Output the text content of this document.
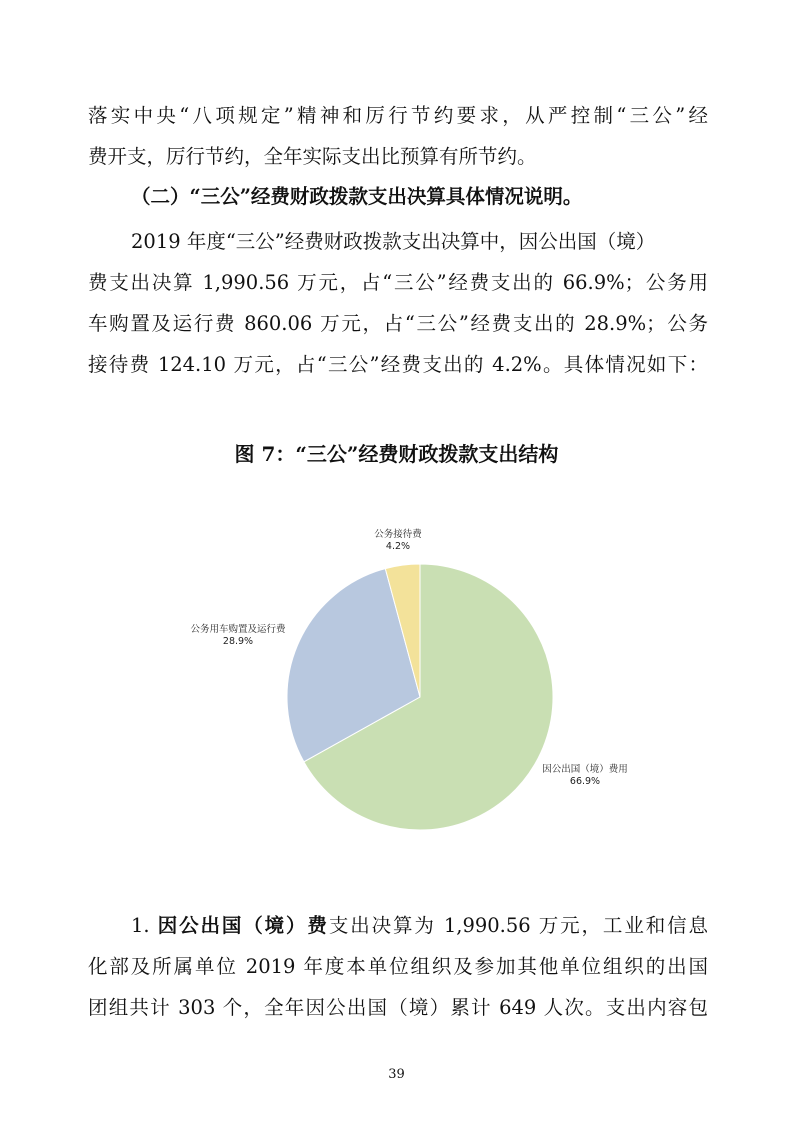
落实中央“八项规定”精神和厉行节约要求，从严控制“三公”经
费开支，厉行节约，全年实际支出比预算有所节约。
（二）“三公”经费财政拨款支出决算具体情况说明。
2019 年度“三公”经费财政拨款支出决算中，因公出国（境）
费支出决算 1,990.56 万元，占“三公”经费支出的 66.9%；公务用
车购置及运行费 860.06 万元，占“三公”经费支出的 28.9%；公务
接待费 124.10 万元，占“三公”经费支出的 4.2%。具体情况如下：
图 7：“三公”经费财政拨款支出结构
因公出国（境）费用
66.9%
公务用车购置及运行费
28.9%
公务接待费
4.2%
1. 因公出国（境）费支出决算为 1,990.56 万元，工业和信息
化部及所属单位 2019 年度本单位组织及参加其他单位组织的出国
团组共计 303 个，全年因公出国（境）累计 649 人次。支出内容包
39
